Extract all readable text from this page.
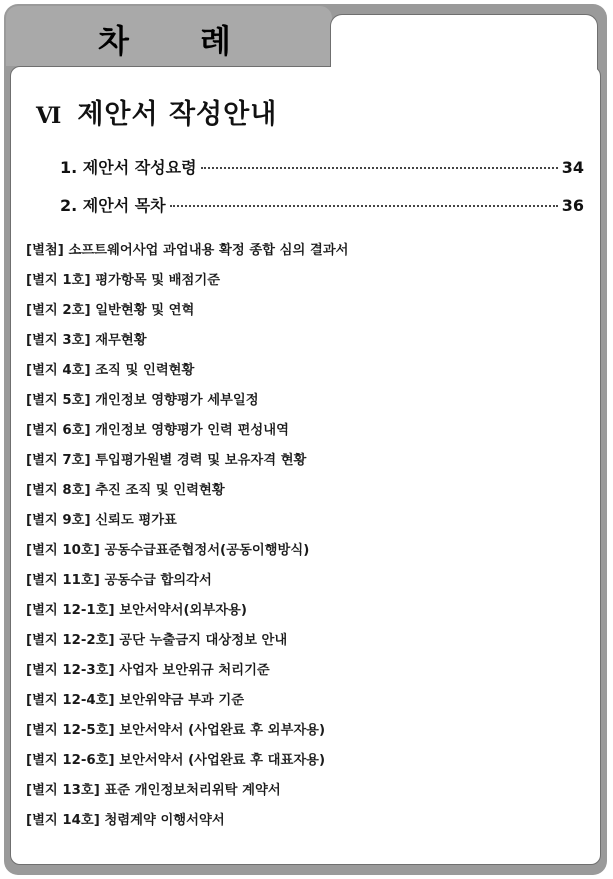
차 례
Ⅵ 제안서 작성안내
1. 제안서 작성요령	34
2. 제안서 목차	36
[별첨] 소프트웨어사업 과업내용 확정 종합 심의 결과서
[별지 1호] 평가항목 및 배점기준
[별지 2호] 일반현황 및 연혁
[별지 3호] 재무현황
[별지 4호] 조직 및 인력현황
[별지 5호] 개인정보 영향평가 세부일정
[별지 6호] 개인정보 영향평가 인력 편성내역
[별지 7호] 투입평가원별 경력 및 보유자격 현황
[별지 8호] 추진 조직 및 인력현황
[별지 9호] 신뢰도 평가표
[별지 10호] 공동수급표준협정서(공동이행방식)
[별지 11호] 공동수급 합의각서
[별지 12-1호] 보안서약서(외부자용)
[별지 12-2호] 공단 누출금지 대상정보 안내
[별지 12-3호] 사업자 보안위규 처리기준
[별지 12-4호] 보안위약금 부과 기준
[별지 12-5호] 보안서약서 (사업완료 후 외부자용)
[별지 12-6호] 보안서약서 (사업완료 후 대표자용)
[별지 13호] 표준 개인정보처리위탁 계약서
[별지 14호] 청렴계약 이행서약서
